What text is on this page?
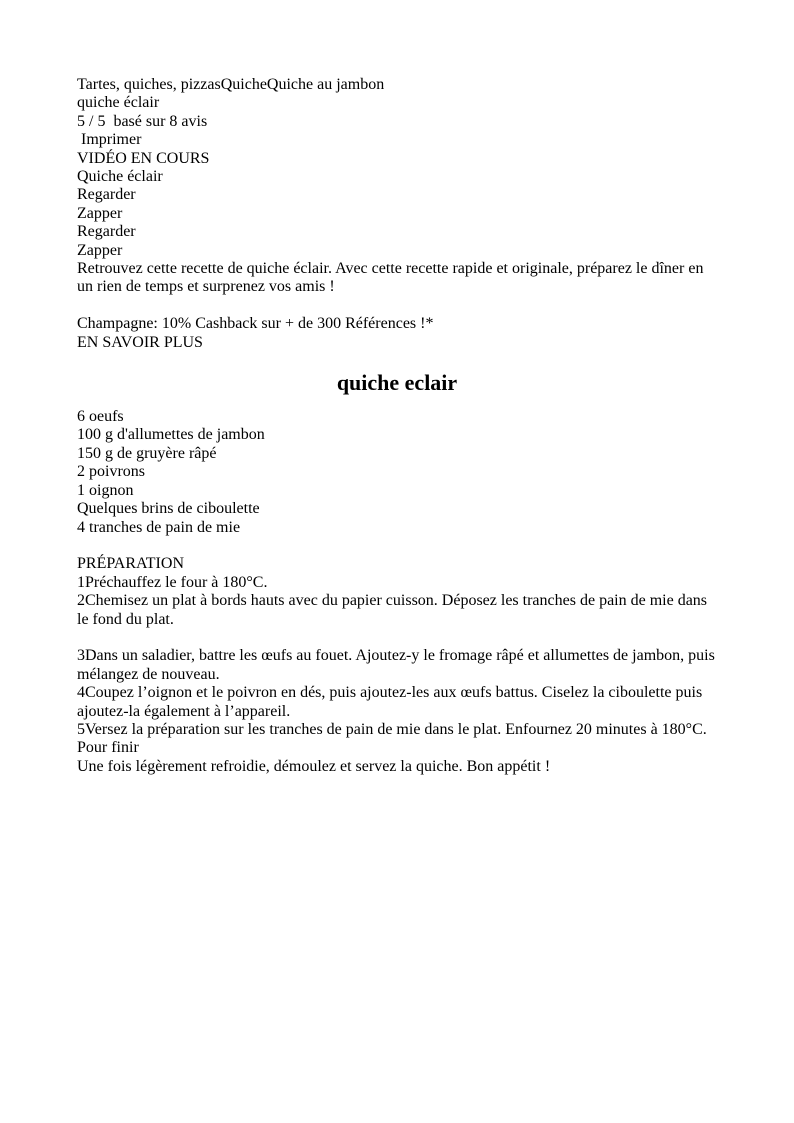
Tartes, quiches, pizzasQuicheQuiche au jambon
quiche éclair
5 / 5  basé sur 8 avis
Imprimer
VIDÉO EN COURS
Quiche éclair
Regarder
Zapper
Regarder
Zapper
Retrouvez cette recette de quiche éclair. Avec cette recette rapide et originale, préparez le dîner en un rien de temps et surprenez vos amis !
Champagne: 10% Cashback sur + de 300 Références !*
EN SAVOIR PLUS
quiche eclair
6 oeufs
100 g d'allumettes de jambon
150 g de gruyère râpé
2 poivrons
1 oignon
Quelques brins de ciboulette
4 tranches de pain de mie
PRÉPARATION
1Préchauffez le four à 180°C.
2Chemisez un plat à bords hauts avec du papier cuisson. Déposez les tranches de pain de mie dans le fond du plat.
3Dans un saladier, battre les œufs au fouet. Ajoutez-y le fromage râpé et allumettes de jambon, puis mélangez de nouveau.
4Coupez l’oignon et le poivron en dés, puis ajoutez-les aux œufs battus. Ciselez la ciboulette puis ajoutez-la également à l’appareil.
5Versez la préparation sur les tranches de pain de mie dans le plat. Enfournez 20 minutes à 180°C.
Pour finir
Une fois légèrement refroidie, démoulez et servez la quiche. Bon appétit !
